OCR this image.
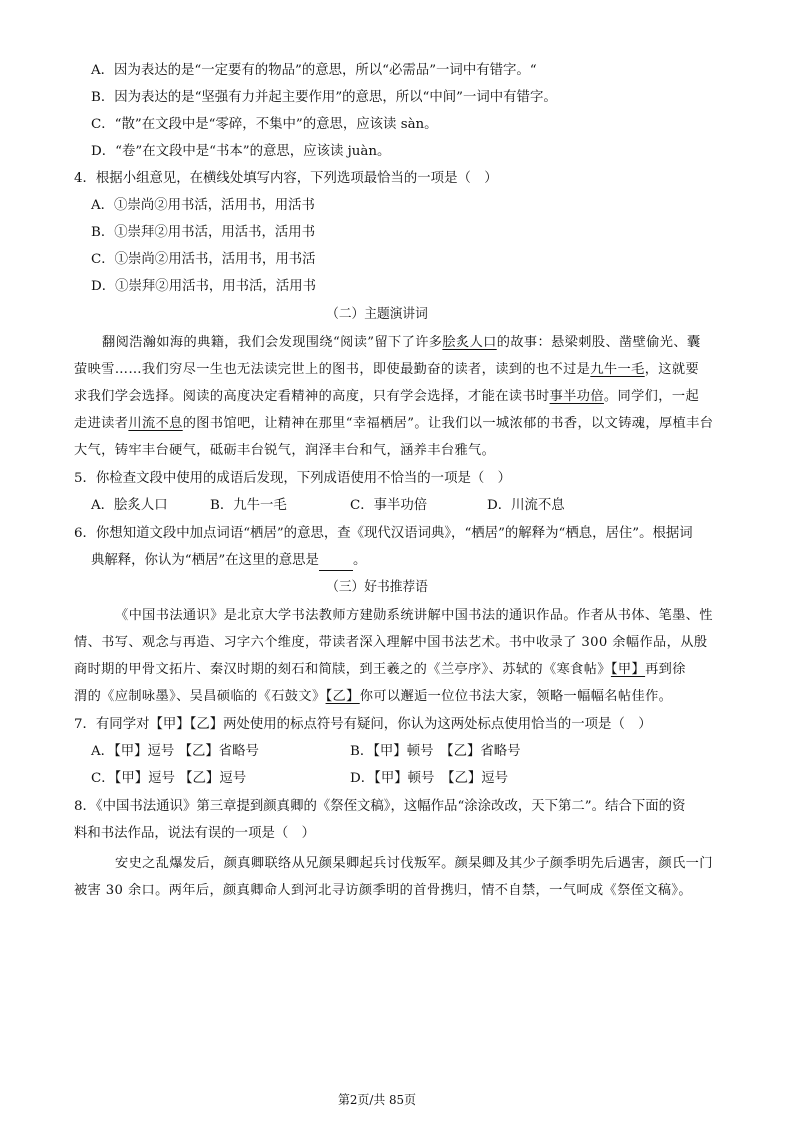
A．因为表达的是“一定要有的物品”的意思，所以“必需品”一词中有错字。“
B．因为表达的是“坚强有力并起主要作用”的意思，所以“中间”一词中有错字。
C．“散”在文段中是“零碎，不集中”的意思，应该读 sàn。
D．“卷”在文段中是“书本”的意思，应该读 juàn。
4．根据小组意见，在横线处填写内容，下列选项最恰当的一项是（　）
A．①崇尚②用书活，活用书，用活书
B．①崇拜②用书活，用活书，活用书
C．①崇尚②用活书，活用书，用书活
D．①崇拜②用活书，用书活，活用书
（二）主题演讲词
翻阅浩瀚如海的典籍，我们会发现围绕“阅读”留下了许多脍炙人口的故事：悬梁刺股、凿壁偷光、囊
萤映雪……我们穷尽一生也无法读完世上的图书，即使最勤奋的读者，读到的也不过是九牛一毛，这就要
求我们学会选择。阅读的高度决定看精神的高度，只有学会选择，才能在读书时事半功倍。同学们，一起
走进读者川流不息的图书馆吧，让精神在那里“幸福栖居”。让我们以一城浓郁的书香，以文铸魂，厚植丰台
大气，铸牢丰台硬气，砥砺丰台锐气，润泽丰台和气，涵养丰台雅气。
5．你检查文段中使用的成语后发现，下列成语使用不恰当的一项是（　）
A．脍炙人口	B．九牛一毛	C．事半功倍	D．川流不息
6．你想知道文段中加点词语“栖居”的意思，查《现代汉语词典》，“栖居”的解释为“栖息，居住”。根据词
典解释，你认为“栖居”在这里的意思是	。
（三）好书推荐语
《中国书法通识》是北京大学书法教师方建勋系统讲解中国书法的通识作品。作者从书体、笔墨、性
情、书写、观念与再造、习字六个维度，带读者深入理解中国书法艺术。书中收录了 300 余幅作品，从殷
商时期的甲骨文拓片、秦汉时期的刻石和简牍，到王羲之的《兰亭序》、苏轼的《寒食帖》【甲】再到徐
渭的《应制咏墨》、吴昌硕临的《石鼓文》【乙】你可以邂逅一位位书法大家，领略一幅幅名帖佳作。
7．有同学对【甲】【乙】两处使用的标点符号有疑问，你认为这两处标点使用恰当的一项是（　）
A．【甲】逗号 【乙】省略号	B．【甲】顿号　【乙】省略号
C．【甲】逗号 【乙】逗号	D．【甲】顿号　【乙】逗号
8．《中国书法通识》第三章提到颜真卿的《祭侄文稿》，这幅作品“涂涂改改，天下第二”。结合下面的资
料和书法作品，说法有误的一项是（　）
安史之乱爆发后，颜真卿联络从兄颜杲卿起兵讨伐叛军。颜杲卿及其少子颜季明先后遇害，颜氏一门
被害 30 余口。两年后，颜真卿命人到河北寻访颜季明的首骨携归，情不自禁，一气呵成《祭侄文稿》。
第2页/共 85页
